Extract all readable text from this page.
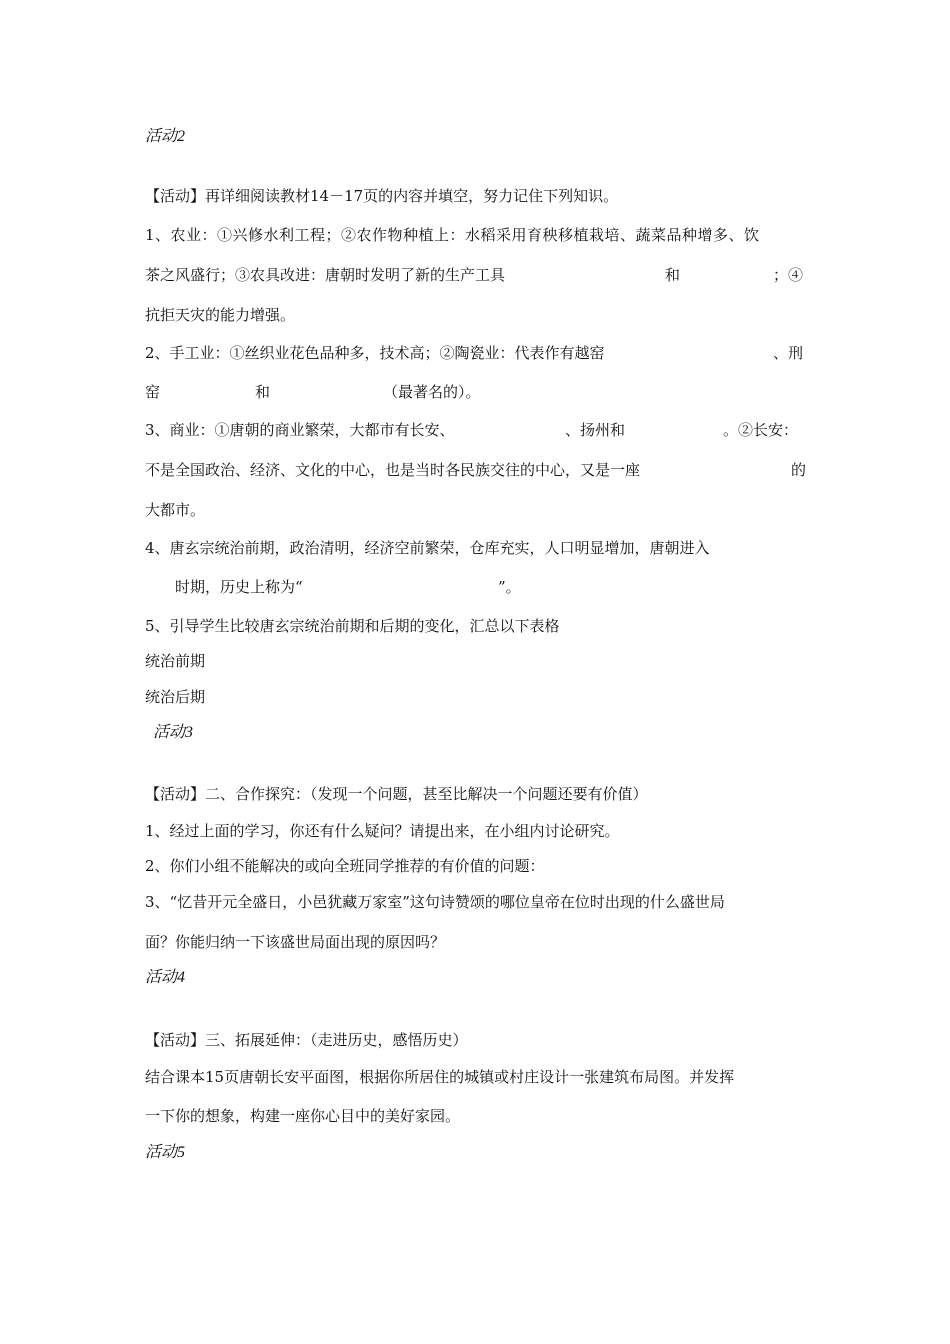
活动2
【活动】再详细阅读教材14－17页的内容并填空，努力记住下列知识。
1、农业：①兴修水利工程；②农作物种植上：水稻采用育秧移植栽培、蔬菜品种增多、饮
茶之风盛行；③农具改进：唐朝时发明了新的生产工具	和	；④
抗拒天灾的能力增强。
2、手工业：①丝织业花色品种多，技术高；②陶瓷业：代表作有越窑	、刑
窑	和	（最著名的）。
3、商业：①唐朝的商业繁荣，大都市有长安、	、扬州和	。②长安：
不是全国政治、经济、文化的中心，也是当时各民族交往的中心，又是一座	的
大都市。
4、唐玄宗统治前期，政治清明，经济空前繁荣，仓库充实，人口明显增加，唐朝进入
时期，历史上称为“	”。
5、引导学生比较唐玄宗统治前期和后期的变化，汇总以下表格
统治前期
统治后期
活动3
【活动】二、合作探究：（发现一个问题，甚至比解决一个问题还要有价值）
1、经过上面的学习，你还有什么疑问？请提出来，在小组内讨论研究。
2、你们小组不能解决的或向全班同学推荐的有价值的问题：
3、“忆昔开元全盛日，小邑犹藏万家室”这句诗赞颂的哪位皇帝在位时出现的什么盛世局
面？你能归纳一下该盛世局面出现的原因吗？
活动4
【活动】三、拓展延伸：（走进历史，感悟历史）
结合课本15页唐朝长安平面图，根据你所居住的城镇或村庄设计一张建筑布局图。并发挥
一下你的想象，构建一座你心目中的美好家园。
活动5
